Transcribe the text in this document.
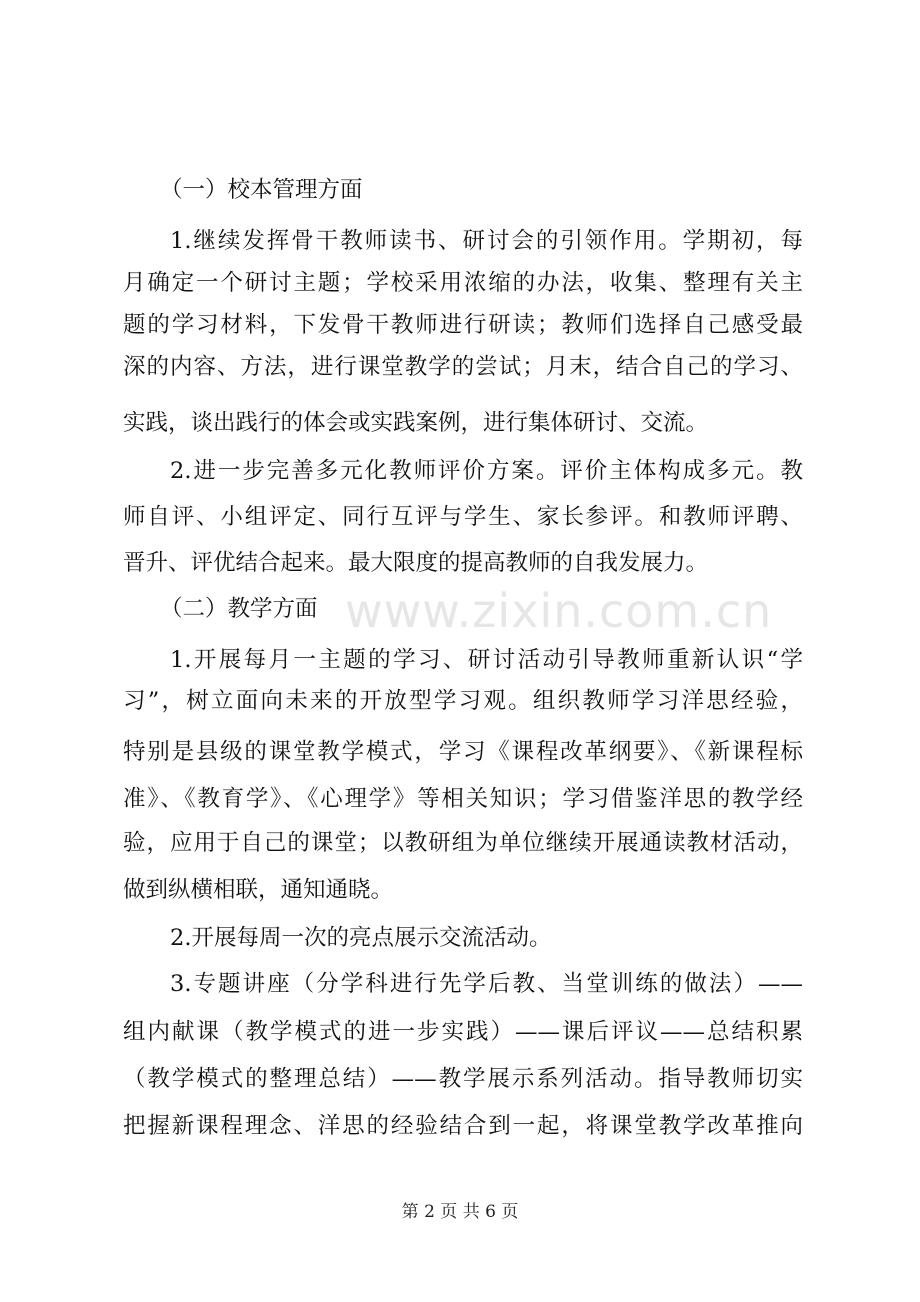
www.zixin.com.cn
（一）校本管理方面
1.继续发挥骨干教师读书、研讨会的引领作用。学期初，每
月确定一个研讨主题；学校采用浓缩的办法，收集、整理有关主
题的学习材料，下发骨干教师进行研读；教师们选择自己感受最
深的内容、方法，进行课堂教学的尝试；月末，结合自己的学习、
实践，谈出践行的体会或实践案例，进行集体研讨、交流。
2.进一步完善多元化教师评价方案。评价主体构成多元。教
师自评、小组评定、同行互评与学生、家长参评。和教师评聘、
晋升、评优结合起来。最大限度的提高教师的自我发展力。
（二）教学方面
1.开展每月一主题的学习、研讨活动引导教师重新认识“学
习”，树立面向未来的开放型学习观。组织教师学习洋思经验，
特别是县级的课堂教学模式，学习《课程改革纲要》、《新课程标
准》、《教育学》、《心理学》等相关知识；学习借鉴洋思的教学经
验，应用于自己的课堂；以教研组为单位继续开展通读教材活动，
做到纵横相联，通知通晓。
2.开展每周一次的亮点展示交流活动。
3.专题讲座（分学科进行先学后教、当堂训练的做法）——
组内献课（教学模式的进一步实践）——课后评议——总结积累
（教学模式的整理总结）——教学展示系列活动。指导教师切实
把握新课程理念、洋思的经验结合到一起，将课堂教学改革推向
第 2 页 共 6 页
